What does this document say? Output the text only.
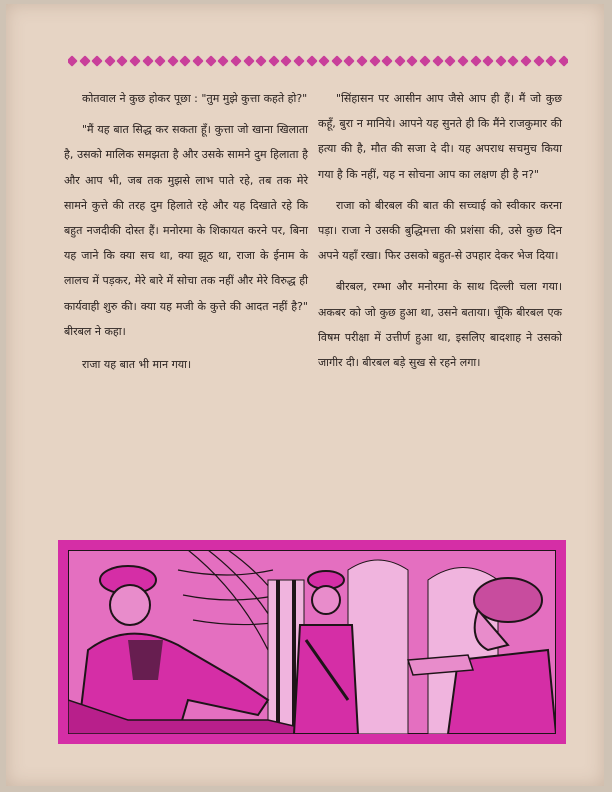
कोतवाल ने कुछ होकर पूछा : "तुम मुझे कुत्ता कहते हो?"

"मैं यह बात सिद्ध कर सकता हूँ। कुत्ता जो खाना खिलाता है, उसको मालिक समझता है और उसके सामने दुम हिलाता है और आप भी, जब तक मुझसे लाभ पाते रहे, तब तक मेरे सामने कुत्ते की तरह दुम हिलाते रहे और यह दिखाते रहे कि बहुत नजदीकी दोस्त हैं। मनोरमा के शिकायत करने पर, बिना यह जाने कि क्या सच था, क्या झूठ था, राजा के ईनाम के लालच में पड़कर, मेरे बारे में सोचा तक नहीं और मेरे विरुद्ध ही कार्यवाही शुरु की। क्या यह मजी के कुत्ते की आदत नहीं है?" बीरबल ने कहा।

राजा यह बात भी मान गया।

"सिंहासन पर आसीन आप जैसे आप ही हैं। मैं जो कुछ कहूँ, बुरा न मानिये। आपने यह सुनते ही कि मैंने राजकुमार की हत्या की है, मौत की सजा दे दी। यह अपराध सचमुच किया गया है कि नहीं, यह न सोचना आप का लक्षण ही है न?"

राजा को बीरबल की बात की सच्चाई को स्वीकार करना पड़ा। राजा ने उसकी बुद्धिमत्ता की प्रशंसा की, उसे कुछ दिन अपने यहाँ रखा। फिर उसको बहुत-से उपहार देकर भेज दिया।

बीरबल, रम्भा और मनोरमा के साथ दिल्ली चला गया। अकबर को जो कुछ हुआ था, उसने बताया। चूँकि बीरबल एक विषम परीक्षा में उत्तीर्ण हुआ था, इसलिए बादशाह ने उसको जागीर दी। बीरबल बड़े सुख से रहने लगा।
